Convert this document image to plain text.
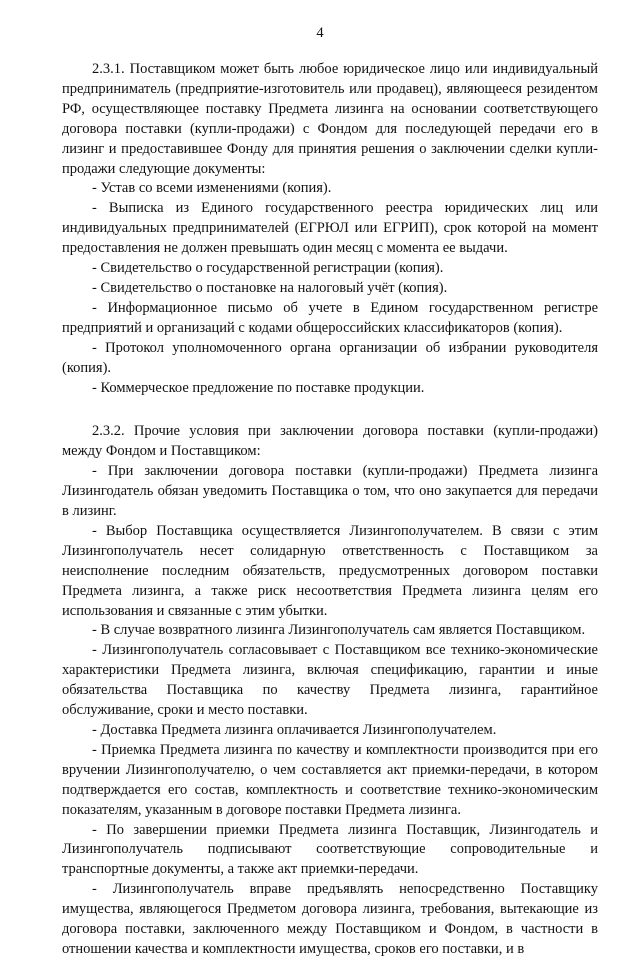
4

2.3.1. Поставщиком может быть любое юридическое лицо или индивидуальный предприниматель (предприятие-изготовитель или продавец), являющееся резидентом РФ, осуществляющее поставку Предмета лизинга на основании соответствующего договора поставки (купли-продажи) с Фондом для последующей передачи его в лизинг и предоставившее Фонду для принятия решения о заключении сделки купли-продажи следующие документы:

- Устав со всеми изменениями (копия).

- Выписка из Единого государственного реестра юридических лиц или индивидуальных предпринимателей (ЕГРЮЛ или ЕГРИП), срок которой на момент предоставления не должен превышать один месяц с момента ее выдачи.

- Свидетельство о государственной регистрации (копия).

- Свидетельство о постановке на налоговый учёт (копия).

- Информационное письмо об учете в Едином государственном регистре предприятий и организаций с кодами общероссийских классификаторов (копия).

- Протокол уполномоченного органа организации об избрании руководителя (копия).

- Коммерческое предложение по поставке продукции.

2.3.2. Прочие условия при заключении договора поставки (купли-продажи) между Фондом и Поставщиком:

- При заключении договора поставки (купли-продажи) Предмета лизинга Лизингодатель обязан уведомить Поставщика о том, что оно закупается для передачи в лизинг.

- Выбор Поставщика осуществляется Лизингополучателем. В связи с этим Лизингополучатель несет солидарную ответственность с Поставщиком за неисполнение последним обязательств, предусмотренных договором поставки Предмета лизинга, а также риск несоответствия Предмета лизинга целям его использования и связанные с этим убытки.

- В случае возвратного лизинга Лизингополучатель сам является Поставщиком.

- Лизингополучатель согласовывает с Поставщиком все технико-экономические характеристики Предмета лизинга, включая спецификацию, гарантии и иные обязательства Поставщика по качеству Предмета лизинга, гарантийное обслуживание, сроки и место поставки.

- Доставка Предмета лизинга оплачивается Лизингополучателем.

- Приемка Предмета лизинга по качеству и комплектности производится при его вручении Лизингополучателю, о чем составляется акт приемки-передачи, в котором подтверждается его состав, комплектность и соответствие технико-экономическим показателям, указанным в договоре поставки Предмета лизинга.

- По завершении приемки Предмета лизинга Поставщик, Лизингодатель и Лизингополучатель подписывают соответствующие сопроводительные и транспортные документы, а также акт приемки-передачи.

- Лизингополучатель вправе предъявлять непосредственно Поставщику имущества, являющегося Предметом договора лизинга, требования, вытекающие из договора поставки, заключенного между Поставщиком и Фондом, в частности в отношении качества и комплектности имущества, сроков его поставки, и в
